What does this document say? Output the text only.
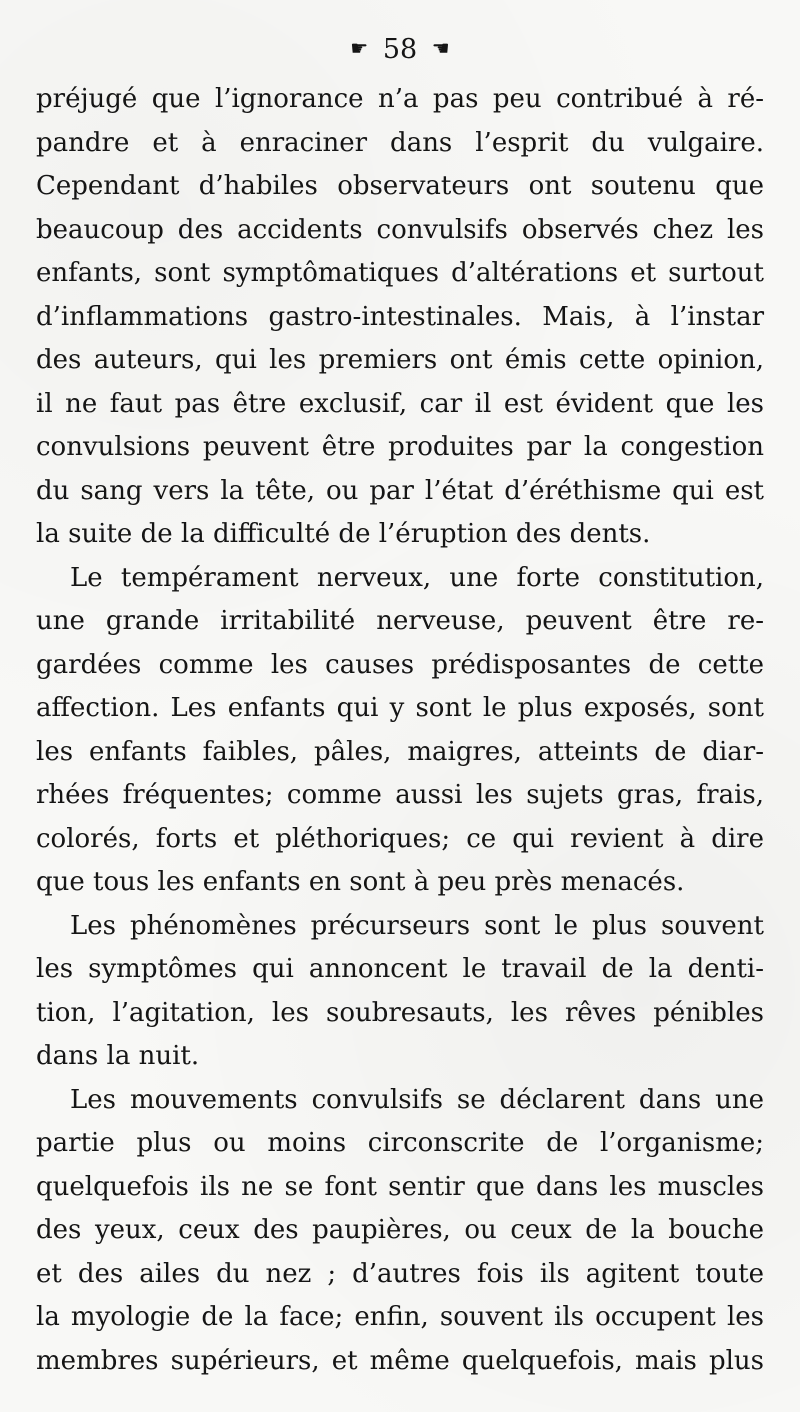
☛ 58 ☚
préjugé que l’ignorance n’a pas peu contribué à ré-
pandre et à enraciner dans l’esprit du vulgaire.
Cependant d’habiles observateurs ont soutenu que
beaucoup des accidents convulsifs observés chez les
enfants, sont symptômatiques d’altérations et surtout
d’inflammations gastro-intestinales. Mais, à l’instar
des auteurs, qui les premiers ont émis cette opinion,
il ne faut pas être exclusif, car il est évident que les
convulsions peuvent être produites par la congestion
du sang vers la tête, ou par l’état d’éréthisme qui est
la suite de la difficulté de l’éruption des dents.
Le tempérament nerveux, une forte constitution,
une grande irritabilité nerveuse, peuvent être re-
gardées comme les causes prédisposantes de cette
affection. Les enfants qui y sont le plus exposés, sont
les enfants faibles, pâles, maigres, atteints de diar-
rhées fréquentes; comme aussi les sujets gras, frais,
colorés, forts et pléthoriques; ce qui revient à dire
que tous les enfants en sont à peu près menacés.
Les phénomènes précurseurs sont le plus souvent
les symptômes qui annoncent le travail de la denti-
tion, l’agitation, les soubresauts, les rêves pénibles
dans la nuit.
Les mouvements convulsifs se déclarent dans une
partie plus ou moins circonscrite de l’organisme;
quelquefois ils ne se font sentir que dans les muscles
des yeux, ceux des paupières, ou ceux de la bouche
et des ailes du nez ; d’autres fois ils agitent toute
la myologie de la face; enfin, souvent ils occupent les
membres supérieurs, et même quelquefois, mais plus
